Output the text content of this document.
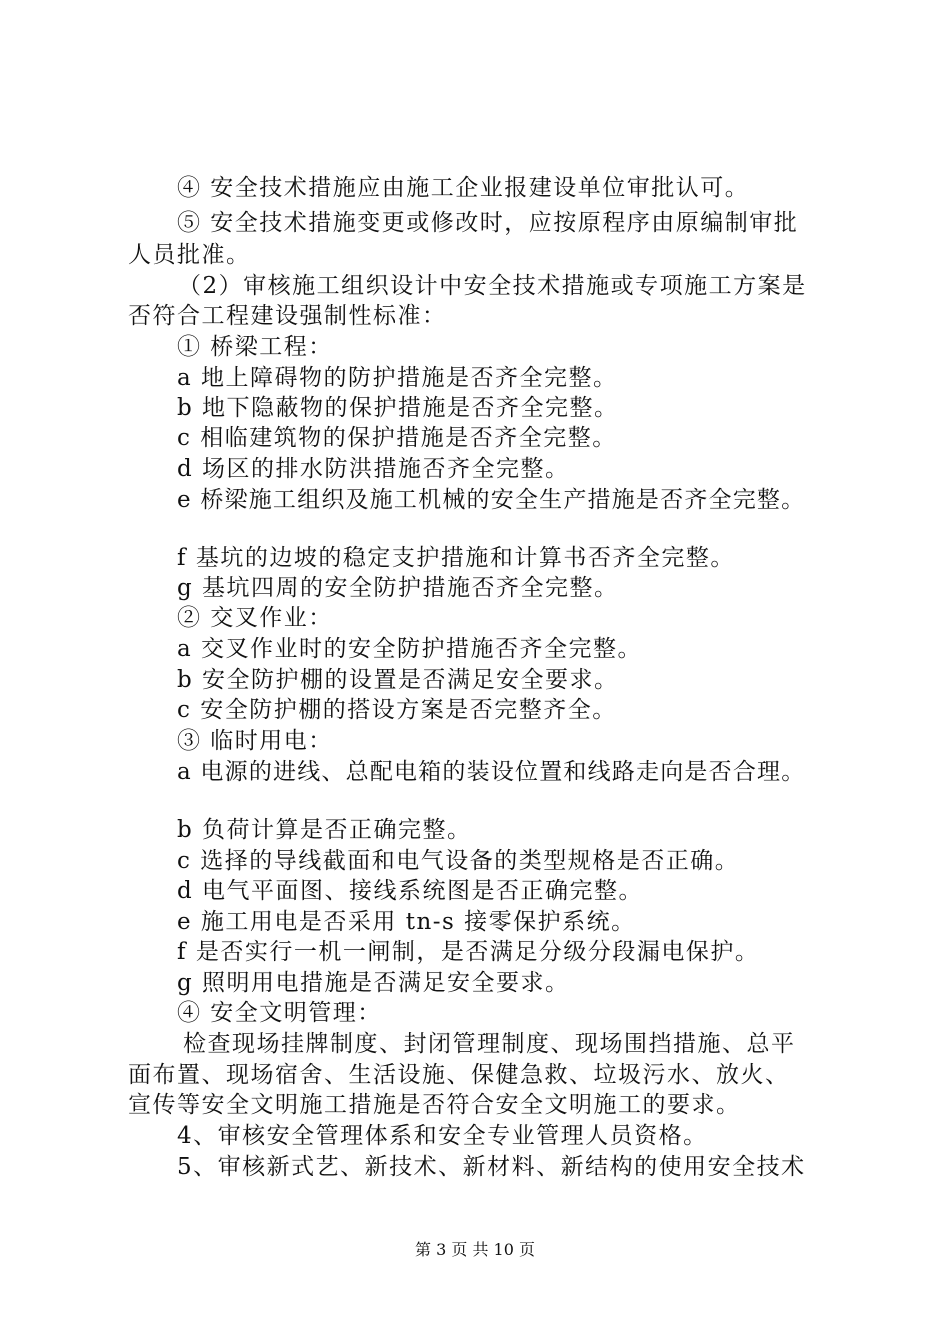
④ 安全技术措施应由施工企业报建设单位审批认可。
⑤ 安全技术措施变更或修改时，应按原程序由原编制审批
人员批准。
（2）审核施工组织设计中安全技术措施或专项施工方案是
否符合工程建设强制性标准：
① 桥梁工程：
a 地上障碍物的防护措施是否齐全完整。
b 地下隐蔽物的保护措施是否齐全完整。
c 相临建筑物的保护措施是否齐全完整。
d 场区的排水防洪措施否齐全完整。
e 桥梁施工组织及施工机械的安全生产措施是否齐全完整。
f 基坑的边坡的稳定支护措施和计算书否齐全完整。
g 基坑四周的安全防护措施否齐全完整。
② 交叉作业：
a 交叉作业时的安全防护措施否齐全完整。
b 安全防护棚的设置是否满足安全要求。
c 安全防护棚的搭设方案是否完整齐全。
③ 临时用电：
a 电源的进线、总配电箱的装设位置和线路走向是否合理。
b 负荷计算是否正确完整。
c 选择的导线截面和电气设备的类型规格是否正确。
d 电气平面图、接线系统图是否正确完整。
e 施工用电是否采用 tn-s 接零保护系统。
f 是否实行一机一闸制，是否满足分级分段漏电保护。
g 照明用电措施是否满足安全要求。
④ 安全文明管理：
检查现场挂牌制度、封闭管理制度、现场围挡措施、总平
面布置、现场宿舍、生活设施、保健急救、垃圾污水、放火、
宣传等安全文明施工措施是否符合安全文明施工的要求。
4、审核安全管理体系和安全专业管理人员资格。
5、审核新式艺、新技术、新材料、新结构的使用安全技术
第 3 页 共 10 页
